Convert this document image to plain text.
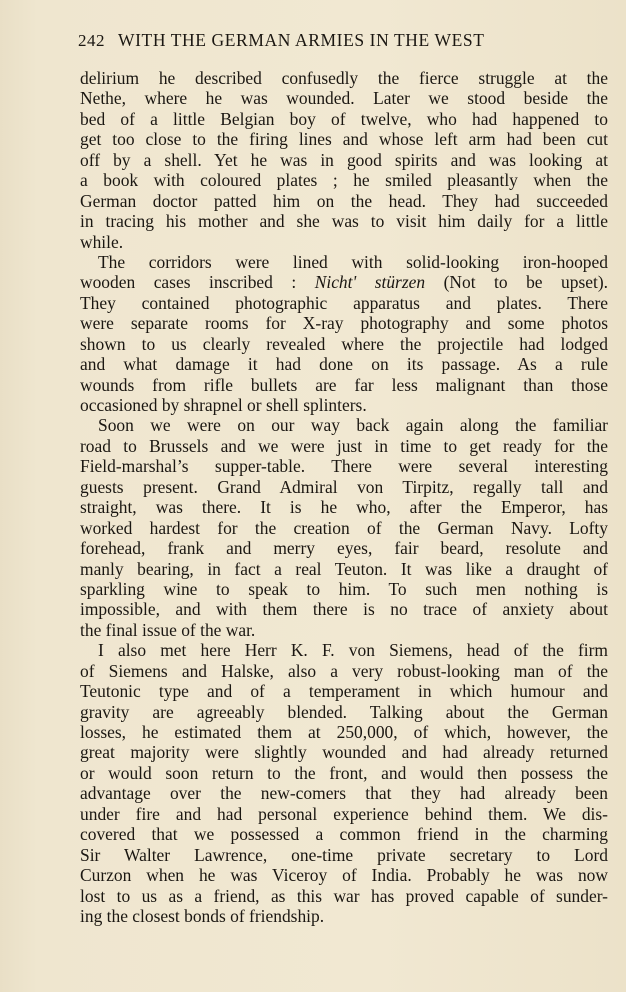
242 WITH THE GERMAN ARMIES IN THE WEST
delirium he described confusedly the fierce struggle at the
Nethe, where he was wounded. Later we stood beside the
bed of a little Belgian boy of twelve, who had happened to
get too close to the firing lines and whose left arm had been cut
off by a shell. Yet he was in good spirits and was looking at
a book with coloured plates ; he smiled pleasantly when the
German doctor patted him on the head. They had succeeded
in tracing his mother and she was to visit him daily for a little
while.
The corridors were lined with solid-looking iron-hooped
wooden cases inscribed : Nicht' stürzen (Not to be upset).
They contained photographic apparatus and plates. There
were separate rooms for X-ray photography and some photos
shown to us clearly revealed where the projectile had lodged
and what damage it had done on its passage. As a rule
wounds from rifle bullets are far less malignant than those
occasioned by shrapnel or shell splinters.
Soon we were on our way back again along the familiar
road to Brussels and we were just in time to get ready for the
Field-marshal’s supper-table. There were several interesting
guests present. Grand Admiral von Tirpitz, regally tall and
straight, was there. It is he who, after the Emperor, has
worked hardest for the creation of the German Navy. Lofty
forehead, frank and merry eyes, fair beard, resolute and
manly bearing, in fact a real Teuton. It was like a draught of
sparkling wine to speak to him. To such men nothing is
impossible, and with them there is no trace of anxiety about
the final issue of the war.
I also met here Herr K. F. von Siemens, head of the firm
of Siemens and Halske, also a very robust-looking man of the
Teutonic type and of a temperament in which humour and
gravity are agreeably blended. Talking about the German
losses, he estimated them at 250,000, of which, however, the
great majority were slightly wounded and had already returned
or would soon return to the front, and would then possess the
advantage over the new-comers that they had already been
under fire and had personal experience behind them. We dis-
covered that we possessed a common friend in the charming
Sir Walter Lawrence, one-time private secretary to Lord
Curzon when he was Viceroy of India. Probably he was now
lost to us as a friend, as this war has proved capable of sunder-
ing the closest bonds of friendship.
